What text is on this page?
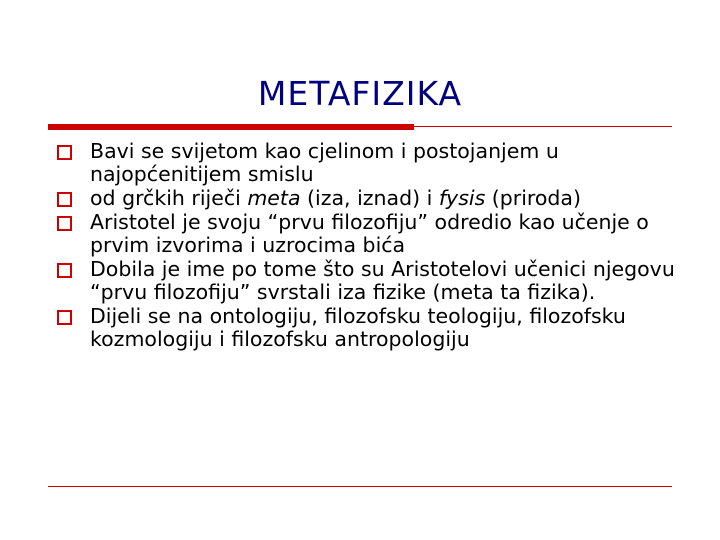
METAFIZIKA
Bavi se svijetom kao cjelinom i postojanjem u najopćenitijem smislu
od grčkih riječi meta (iza, iznad) i fysis (priroda)
Aristotel je svoju “prvu filozofiju” odredio kao učenje o prvim izvorima i uzrocima bića
Dobila je ime po tome što su Aristotelovi učenici njegovu “prvu filozofiju” svrstali iza fizike (meta ta fizika).
Dijeli se na ontologiju, filozofsku teologiju, filozofsku kozmologiju i filozofsku antropologiju
